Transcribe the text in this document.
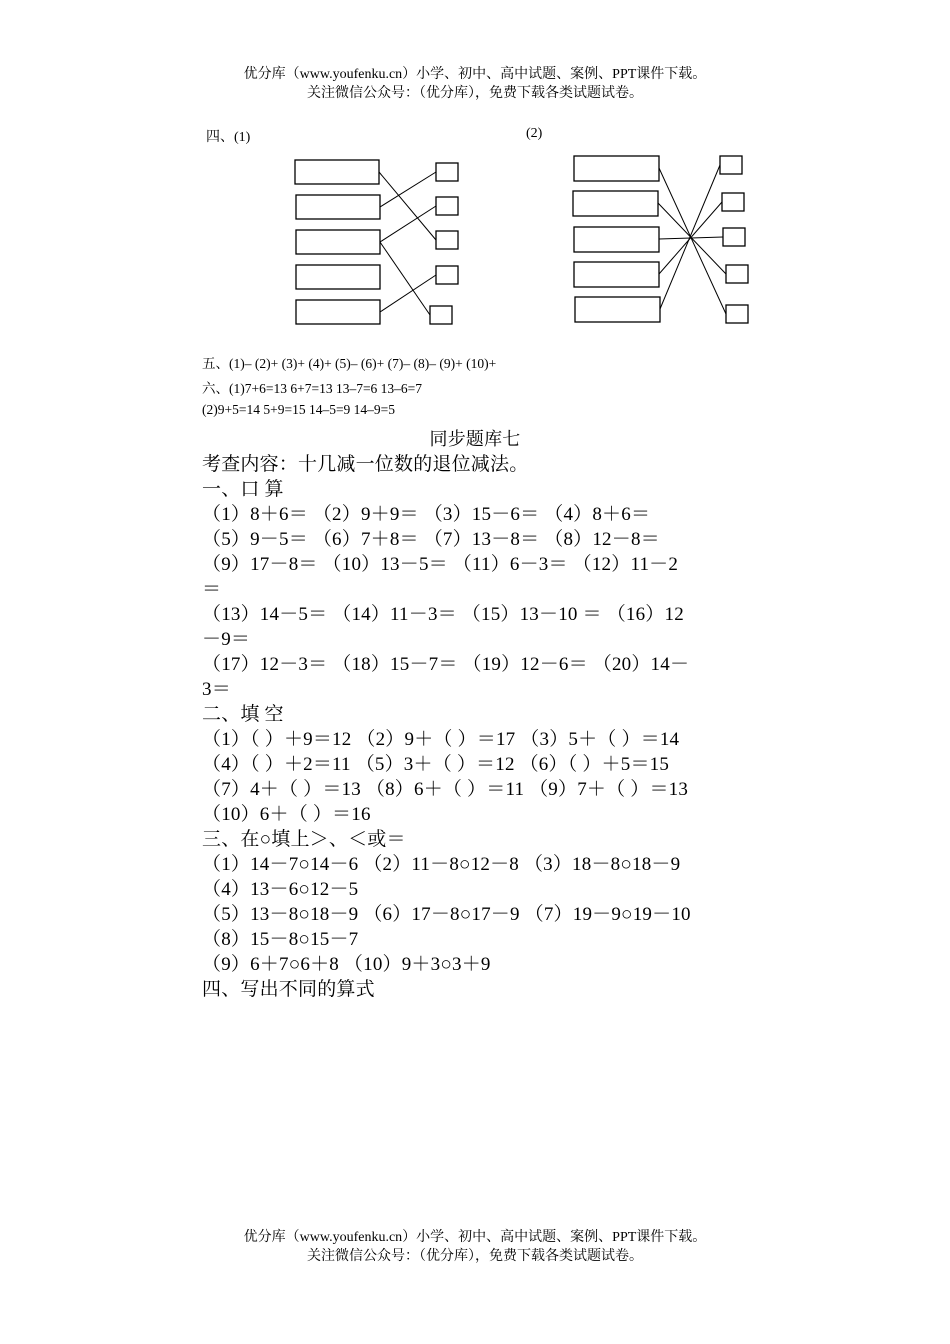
优分库（www.youfenku.cn）小学、初中、高中试题、案例、PPT课件下载。
关注微信公众号：（优分库），免费下载各类试题试卷。
四、(1)	(2)
五、(1)– (2)+ (3)+ (4)+ (5)– (6)+ (7)– (8)– (9)+ (10)+
六、(1)7+6=13 6+7=13 13–7=6 13–6=7
(2)9+5=14 5+9=15 14–5=9 14–9=5
同步题库七
考查内容：十几减一位数的退位减法。
一、口 算
（1）8＋6＝ （2）9＋9＝ （3）15－6＝ （4）8＋6＝
（5）9－5＝ （6）7＋8＝ （7）13－8＝ （8）12－8＝
（9）17－8＝ （10）13－5＝ （11）6－3＝ （12）11－2
＝
（13）14－5＝ （14）11－3＝ （15）13－10 ＝ （16）12
－9＝
（17）12－3＝ （18）15－7＝ （19）12－6＝ （20）14－
3＝
二、填 空
（1）（ ）＋9＝12 （2）9＋（ ）＝17 （3）5＋（ ）＝14
（4）（ ）＋2＝11 （5）3＋（ ）＝12 （6）（ ）＋5＝15
（7）4＋（ ）＝13 （8）6＋（ ）＝11 （9）7＋（ ）＝13
（10）6＋（ ）＝16
三、在○填上＞、＜或＝
（1）14－7○14－6 （2）11－8○12－8 （3）18－8○18－9
（4）13－6○12－5
（5）13－8○18－9 （6）17－8○17－9 （7）19－9○19－10
（8）15－8○15－7
（9）6＋7○6＋8 （10）9＋3○3＋9
四、写出不同的算式
优分库（www.youfenku.cn）小学、初中、高中试题、案例、PPT课件下载。
关注微信公众号：（优分库），免费下载各类试题试卷。
